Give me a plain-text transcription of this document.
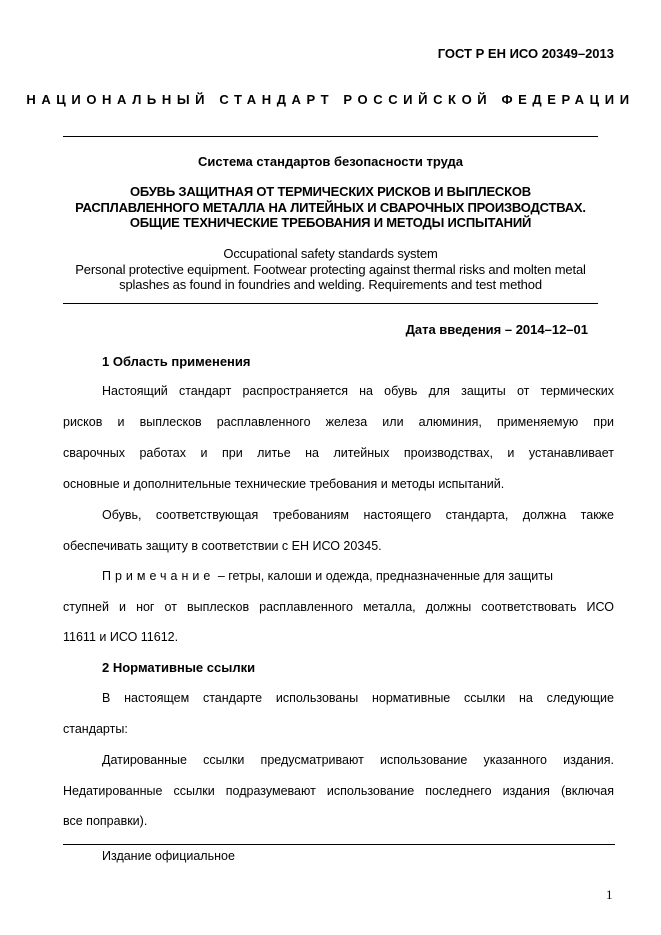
ГОСТ Р ЕН ИСО 20349–2013
НАЦИОНАЛЬНЫЙ СТАНДАРТ РОССИЙСКОЙ ФЕДЕРАЦИИ
Система стандартов безопасности труда
ОБУВЬ ЗАЩИТНАЯ ОТ ТЕРМИЧЕСКИХ РИСКОВ И ВЫПЛЕСКОВ
РАСПЛАВЛЕННОГО МЕТАЛЛА НА ЛИТЕЙНЫХ И СВАРОЧНЫХ ПРОИЗВОДСТВАХ.
ОБЩИЕ ТЕХНИЧЕСКИЕ ТРЕБОВАНИЯ И МЕТОДЫ ИСПЫТАНИЙ
Occupational safety standards system
Personal protective equipment. Footwear protecting against thermal risks and molten metal
splashes as found in foundries and welding. Requirements and test method
Дата введения – 2014–12–01
1 Область применения
Настоящий стандарт распространяется на обувь для защиты от термических
рисков и выплесков расплавленного железа или алюминия, применяемую при
сварочных работах и при литье на литейных производствах, и устанавливает
основные и дополнительные технические требования и методы испытаний.
Обувь, соответствующая требованиям настоящего стандарта, должна также
обеспечивать защиту в соответствии с ЕН ИСО 20345.
Примечание – гетры, калоши и одежда, предназначенные для защиты
ступней и ног от выплесков расплавленного металла, должны соответствовать ИСО
11611 и ИСО 11612.
2 Нормативные ссылки
В настоящем стандарте использованы нормативные ссылки на следующие
стандарты:
Датированные ссылки предусматривают использование указанного издания.
Недатированные ссылки подразумевают использование последнего издания (включая
все поправки).
Издание официальное
1
